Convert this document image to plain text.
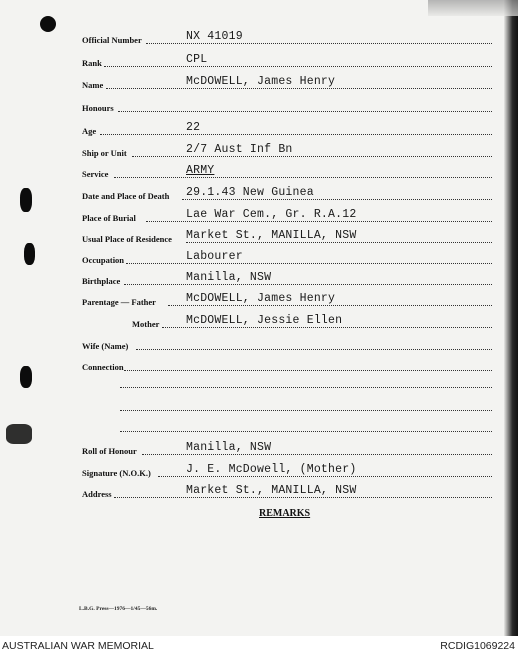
Official Number	NX 41019
Rank	CPL
Name	McDOWELL, James Henry
Honours
Age	22
Ship or Unit	2/7 Aust Inf Bn
Service	ARMY
Date and Place of Death 29.1.43 New Guinea
Place of Burial	Lae War Cem., Gr. R.A.12
Usual Place of Residence Market St., MANILLA, NSW
Occupation	Labourer
Birthplace	Manilla, NSW
Parentage — Father	McDOWELL, James Henry
Mother McDOWELL, Jessie Ellen
Wife (Name)
Connection
Roll of Honour	Manilla, NSW
Signature (N.O.K.)	J. E. McDowell, (Mother)
Address	Market St., MANILLA, NSW
REMARKS
L.B.G. Press—1976—1/45—56m.
AUSTRALIAN WAR MEMORIAL	RCDIG1069224
